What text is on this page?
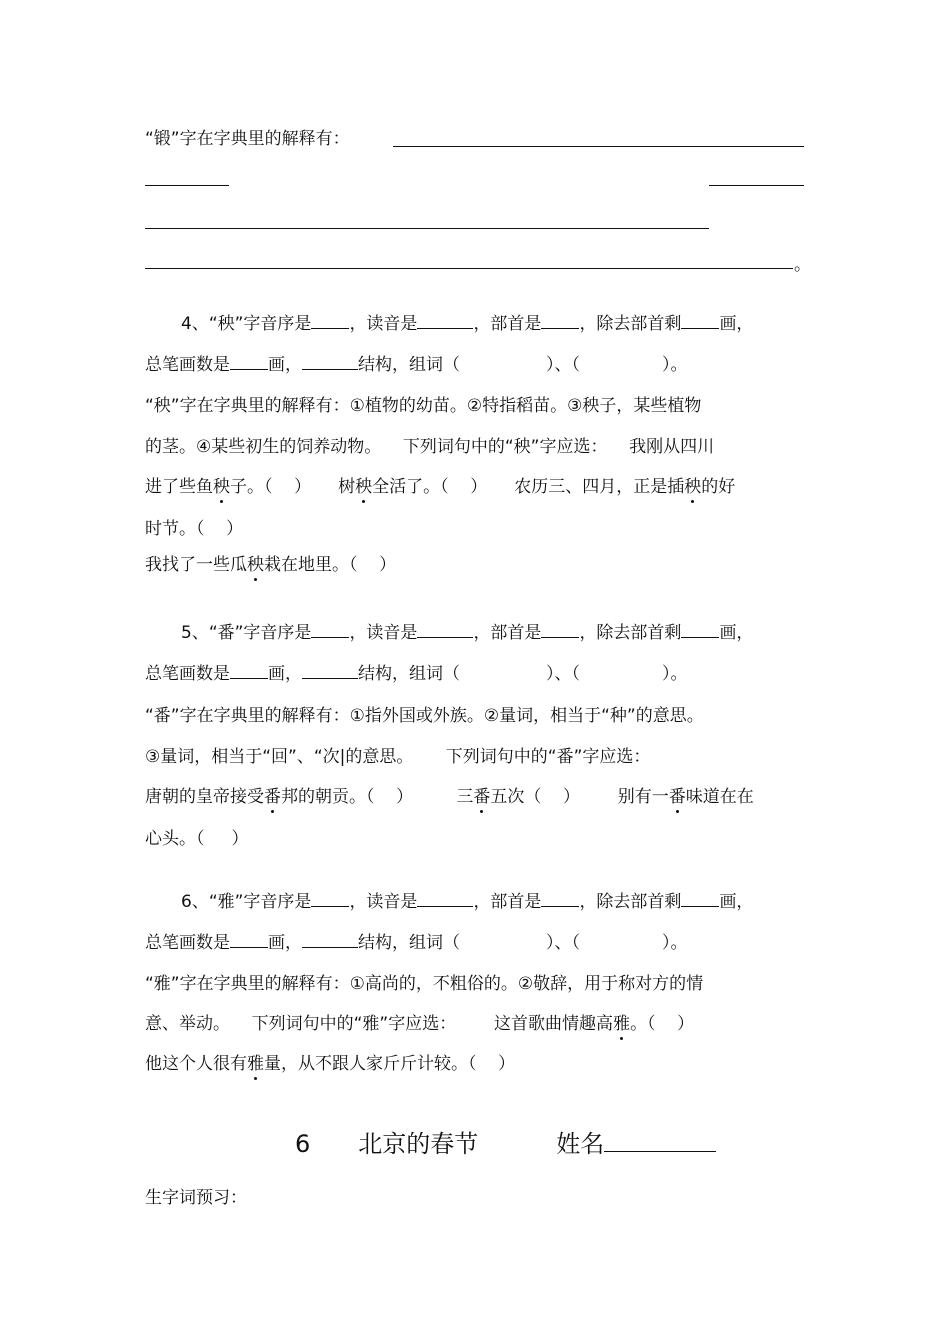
“锻”字在字典里的解释有：
。
4、“秧”字音序是 ，读音是	，部首是 ，除去部首剩 画，
总笔画数是 画，	结构，组词（	）、（	）。
“秧”字在字典里的解释有：①植物的幼苗。②特指稻苗。③秧子，某些植物
的茎。④某些初生的饲养动物。    下列词句中的“秧”字应选：    我刚从四川
进了些鱼秧子。（    ）     树秧全活了。（    ）     农历三、四月，正是插秧的好
时节。（    ）
我找了一些瓜秧栽在地里。（    ）
5、“番”字音序是 ，读音是	，部首是 ，除去部首剩 画，
总笔画数是 画，	结构，组词（	）、（	）。
“番”字在字典里的解释有：①指外国或外族。②量词，相当于“种”的意思。
③量词，相当于“回”、“次|的意思。      下列词句中的“番”字应选：
唐朝的皇帝接受番邦的朝贡。（    ）        三番五次（    ）       别有一番味道在在
心头。（     ）
6、“雅”字音序是 ，读音是	，部首是 ，除去部首剩 画，
总笔画数是 画，	结构，组词（	）、（	）。
“雅”字在字典里的解释有：①高尚的，不粗俗的。②敬辞，用于称对方的情
意、举动。    下列词句中的“雅”字应选：       这首歌曲情趣高雅。（    ）
他这个人很有雅量，从不跟人家斤斤计较。（    ）
6 北京的春节	姓名
生字词预习：
